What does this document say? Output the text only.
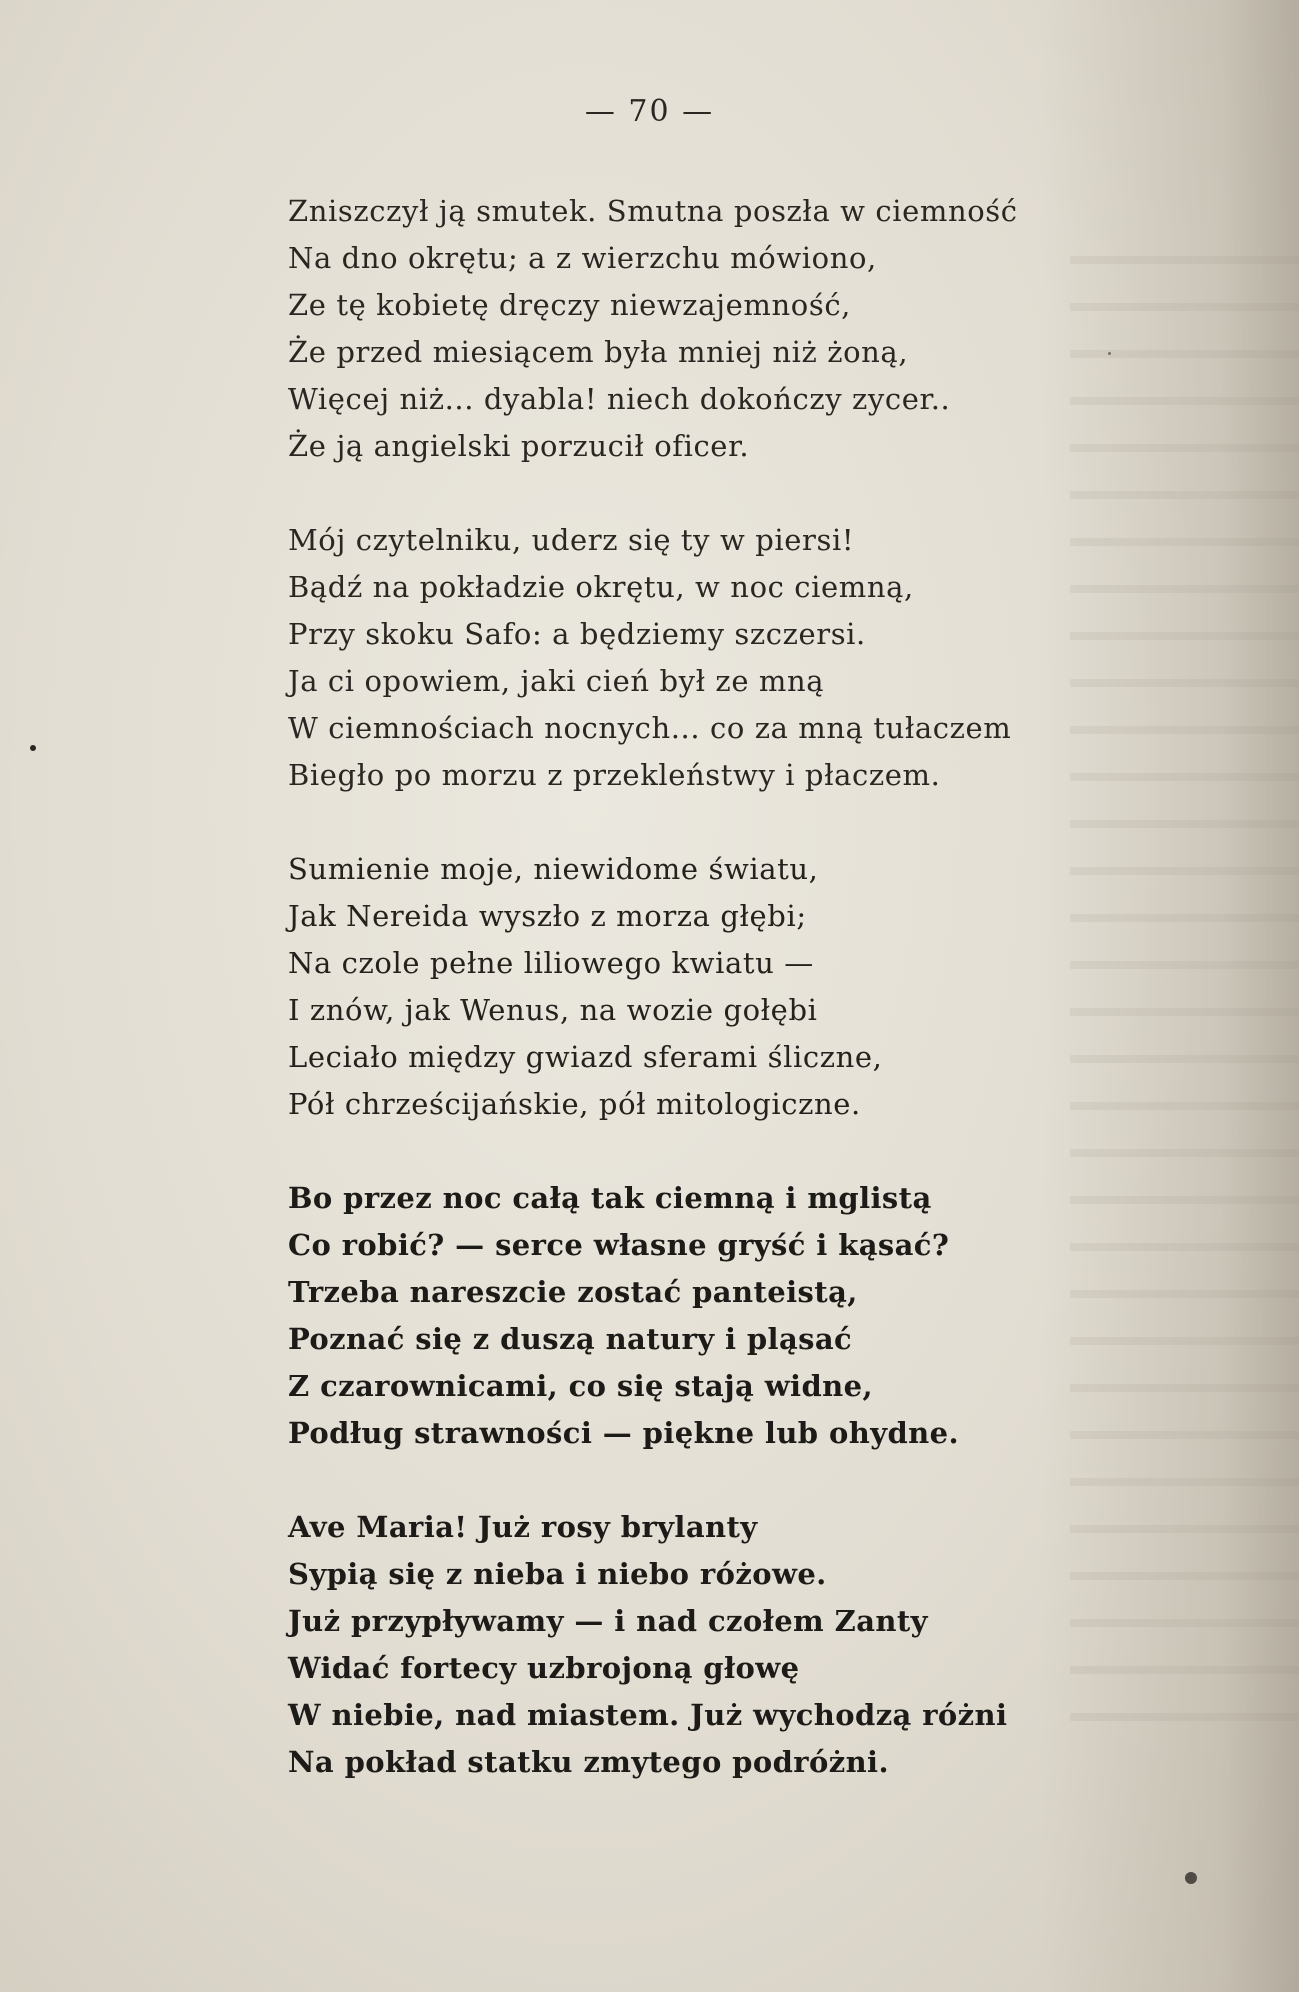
— 70 —
Zniszczył ją smutek. Smutna poszła w ciemność
Na dno okrętu; a z wierzchu mówiono,
Ze tę kobietę dręczy niewzajemność,
Że przed miesiącem była mniej niż żoną,
Więcej niż... dyabla! niech dokończy zycer..
Że ją angielski porzucił oficer.
Mój czytelniku, uderz się ty w piersi!
Bądź na pokładzie okrętu, w noc ciemną,
Przy skoku Safo: a będziemy szczersi.
Ja ci opowiem, jaki cień był ze mną
W ciemnościach nocnych... co za mną tułaczem
Biegło po morzu z przekleństwy i płaczem.
Sumienie moje, niewidome światu,
Jak Nereida wyszło z morza głębi;
Na czole pełne liliowego kwiatu —
I znów, jak Wenus, na wozie gołębi
Leciało między gwiazd sferami śliczne,
Pół chrześcijańskie, pół mitologiczne.
Bo przez noc całą tak ciemną i mglistą
Co robić? — serce własne gryść i kąsać?
Trzeba nareszcie zostać panteistą,
Poznać się z duszą natury i pląsać
Z czarownicami, co się stają widne,
Podług strawności — piękne lub ohydne.
Ave Maria! Już rosy brylanty
Sypią się z nieba i niebo różowe.
Już przypływamy — i nad czołem Zanty
Widać fortecy uzbrojoną głowę
W niebie, nad miastem. Już wychodzą różni
Na pokład statku zmytego podróżni.
